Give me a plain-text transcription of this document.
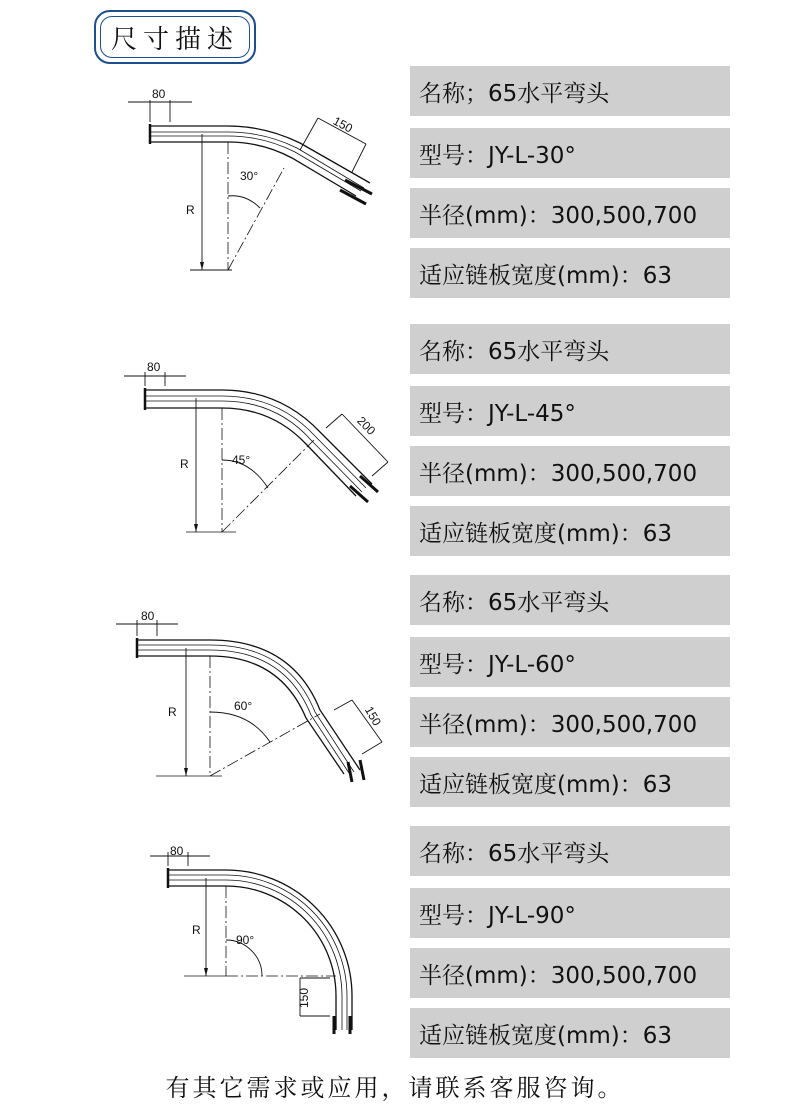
尺寸描述
名称；65水平弯头
型号：JY-L-30°
半径(mm)：300,500,700
适应链板宽度(mm)：63
名称：65水平弯头
型号：JY-L-45°
半径(mm)：300,500,700
适应链板宽度(mm)：63
名称：65水平弯头
型号：JY-L-60°
半径(mm)：300,500,700
适应链板宽度(mm)：63
名称：65水平弯头
型号：JY-L-90°
半径(mm)：300,500,700
适应链板宽度(mm)：63
80
150
R
30°
80
200
R	45°
80
150
R	60°
80
150
R
90°
有其它需求或应用，请联系客服咨询。
